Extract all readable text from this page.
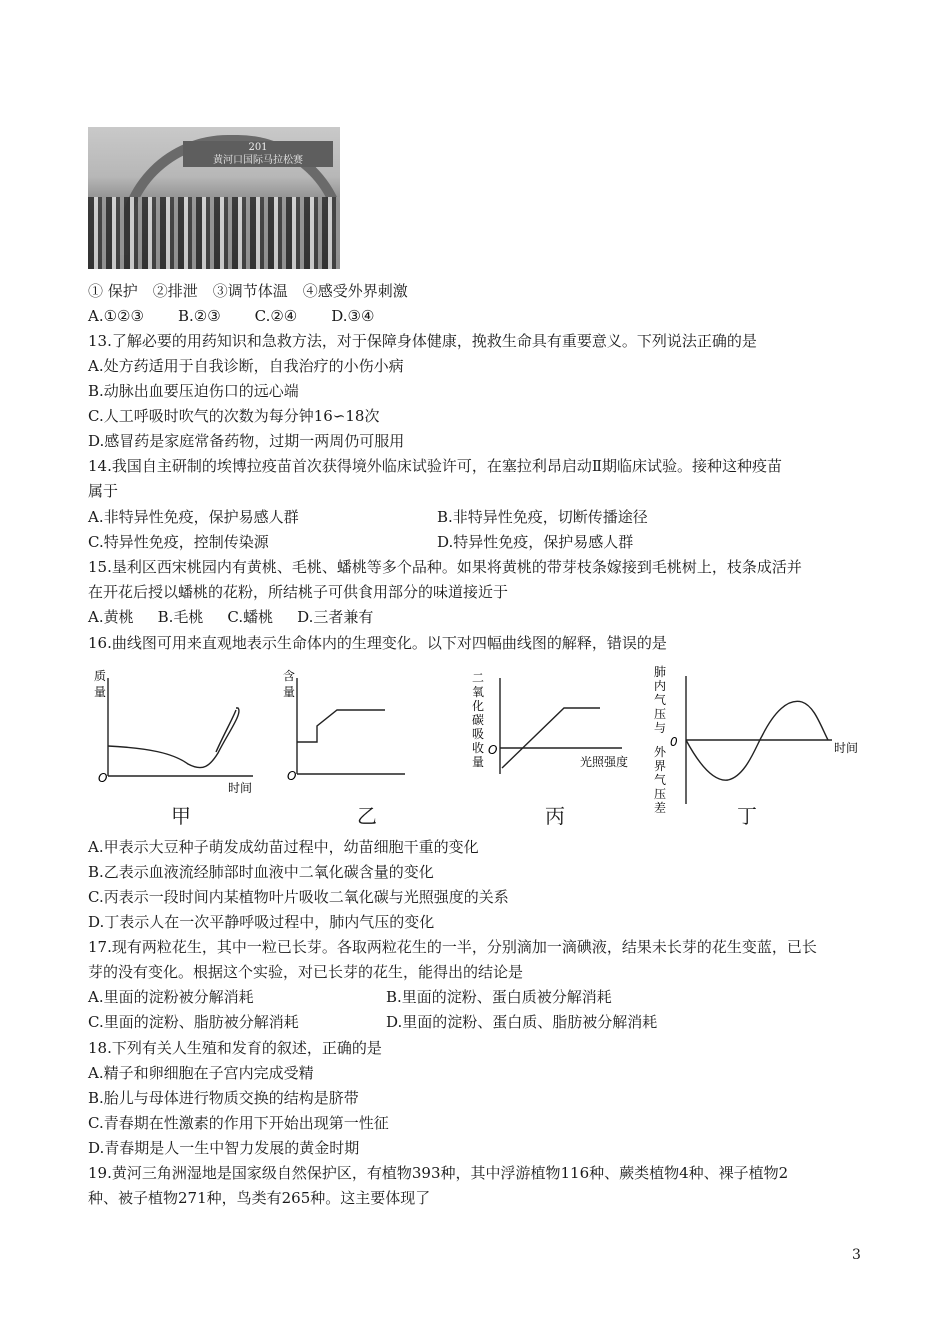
201
黄河口国际马拉松赛
① 保护　②排泄　③调节体温　④感受外界刺激
A.①②③ B.②③ C.②④ D.③④
13.了解必要的用药知识和急救方法，对于保障身体健康，挽救生命具有重要意义。下列说法正确的是
A.处方药适用于自我诊断，自我治疗的小伤小病
B.动脉出血要压迫伤口的远心端
C.人工呼吸时吹气的次数为每分钟16∽18次
D.感冒药是家庭常备药物，过期一两周仍可服用
14.我国自主研制的埃博拉疫苗首次获得境外临床试验许可，在塞拉利昂启动Ⅱ期临床试验。接种这种疫苗
属于
A.非特异性免疫，保护易感人群	B.非特异性免疫，切断传播途径
C.特异性免疫，控制传染源	D.特异性免疫，保护易感人群
15.垦利区西宋桃园内有黄桃、毛桃、蟠桃等多个品种。如果将黄桃的带芽枝条嫁接到毛桃树上，枝条成活并
在开花后授以蟠桃的花粉，所结桃子可供食用部分的味道接近于
A.黄桃 B.毛桃 C.蟠桃 D.三者兼有
16.曲线图可用来直观地表示生命体内的生理变化。以下对四幅曲线图的解释，错误的是
质
量
O
时间
甲
含
量
O
乙
二
氧
化
碳
吸
收
量
O
光照强度
丙
肺
内
气
压
与
外
界
气
压
差
0	时间
丁
A.甲表示大豆种子萌发成幼苗过程中，幼苗细胞干重的变化
B.乙表示血液流经肺部时血液中二氧化碳含量的变化
C.丙表示一段时间内某植物叶片吸收二氧化碳与光照强度的关系
D.丁表示人在一次平静呼吸过程中，肺内气压的变化
17.现有两粒花生，其中一粒已长芽。各取两粒花生的一半，分别滴加一滴碘液，结果未长芽的花生变蓝，已长
芽的没有变化。根据这个实验，对已长芽的花生，能得出的结论是
A.里面的淀粉被分解消耗	B.里面的淀粉、蛋白质被分解消耗
C.里面的淀粉、脂肪被分解消耗	D.里面的淀粉、蛋白质、脂肪被分解消耗
18.下列有关人生殖和发育的叙述，正确的是
A.精子和卵细胞在子宫内完成受精
B.胎儿与母体进行物质交换的结构是脐带
C.青春期在性激素的作用下开始出现第一性征
D.青春期是人一生中智力发展的黄金时期
19.黄河三角洲湿地是国家级自然保护区，有植物393种，其中浮游植物116种、蕨类植物4种、裸子植物2
种、被子植物271种，鸟类有265种。这主要体现了
3
